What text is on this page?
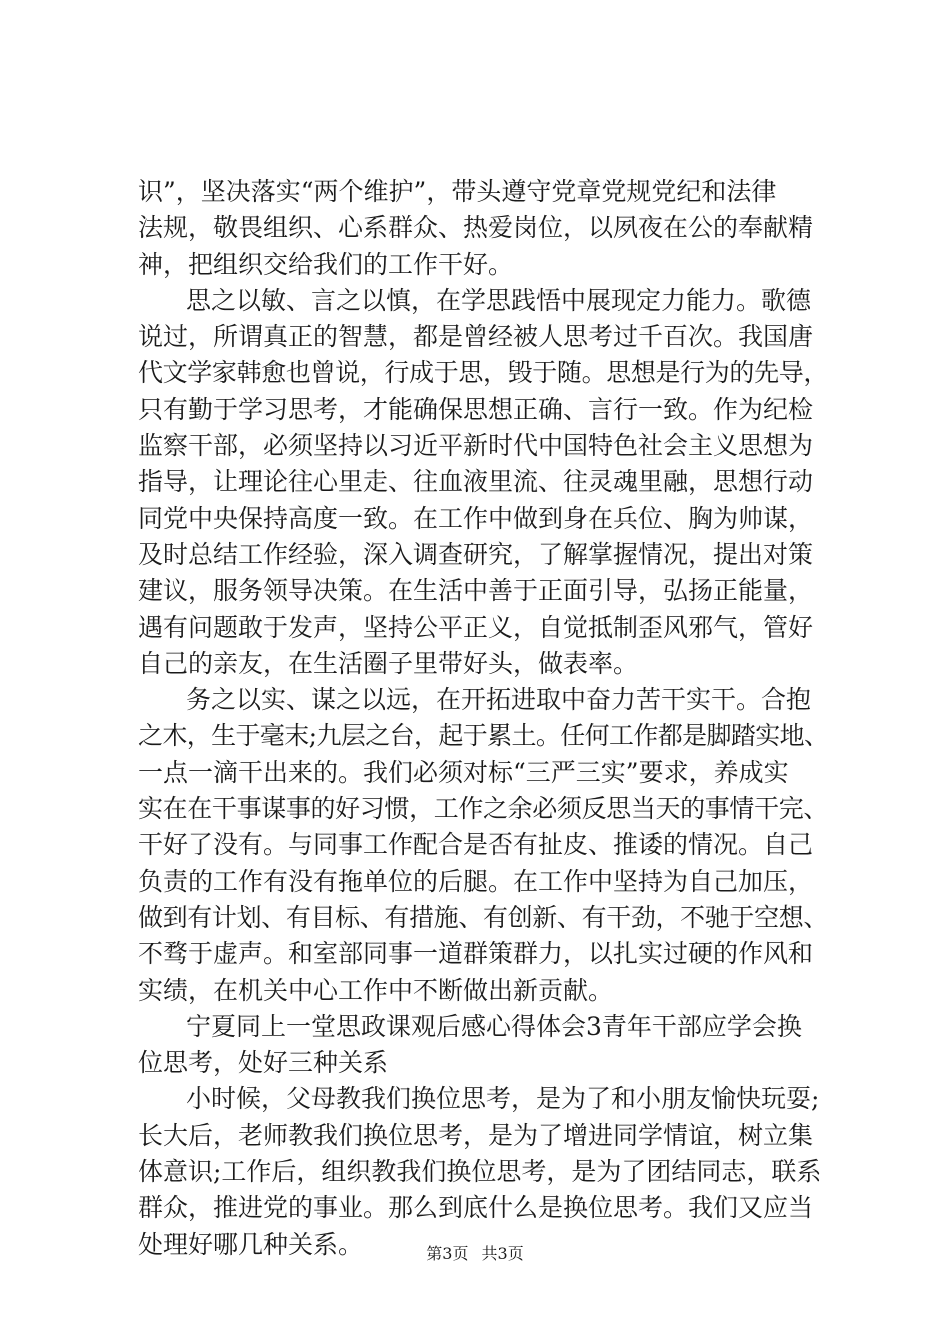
识”，坚决落实“两个维护”，带头遵守党章党规党纪和法律
法规，敬畏组织、心系群众、热爱岗位，以夙夜在公的奉献精
神，把组织交给我们的工作干好。
思之以敏、言之以慎，在学思践悟中展现定力能力。歌德
说过，所谓真正的智慧，都是曾经被人思考过千百次。我国唐
代文学家韩愈也曾说，行成于思，毁于随。思想是行为的先导，
只有勤于学习思考，才能确保思想正确、言行一致。作为纪检
监察干部，必须坚持以习近平新时代中国特色社会主义思想为
指导，让理论往心里走、往血液里流、往灵魂里融，思想行动
同党中央保持高度一致。在工作中做到身在兵位、胸为帅谋，
及时总结工作经验，深入调查研究，了解掌握情况，提出对策
建议，服务领导决策。在生活中善于正面引导，弘扬正能量，
遇有问题敢于发声，坚持公平正义，自觉抵制歪风邪气，管好
自己的亲友，在生活圈子里带好头，做表率。
务之以实、谋之以远，在开拓进取中奋力苦干实干。合抱
之木，生于毫末;九层之台，起于累土。任何工作都是脚踏实地、
一点一滴干出来的。我们必须对标“三严三实”要求，养成实
实在在干事谋事的好习惯，工作之余必须反思当天的事情干完、
干好了没有。与同事工作配合是否有扯皮、推诿的情况。自己
负责的工作有没有拖单位的后腿。在工作中坚持为自己加压，
做到有计划、有目标、有措施、有创新、有干劲，不驰于空想、
不骛于虚声。和室部同事一道群策群力，以扎实过硬的作风和
实绩，在机关中心工作中不断做出新贡献。
宁夏同上一堂思政课观后感心得体会3青年干部应学会换
位思考，处好三种关系
小时候，父母教我们换位思考，是为了和小朋友愉快玩耍;
长大后，老师教我们换位思考，是为了增进同学情谊，树立集
体意识;工作后，组织教我们换位思考，是为了团结同志，联系
群众，推进党的事业。那么到底什么是换位思考。我们又应当
处理好哪几种关系。	第3页 共3页
